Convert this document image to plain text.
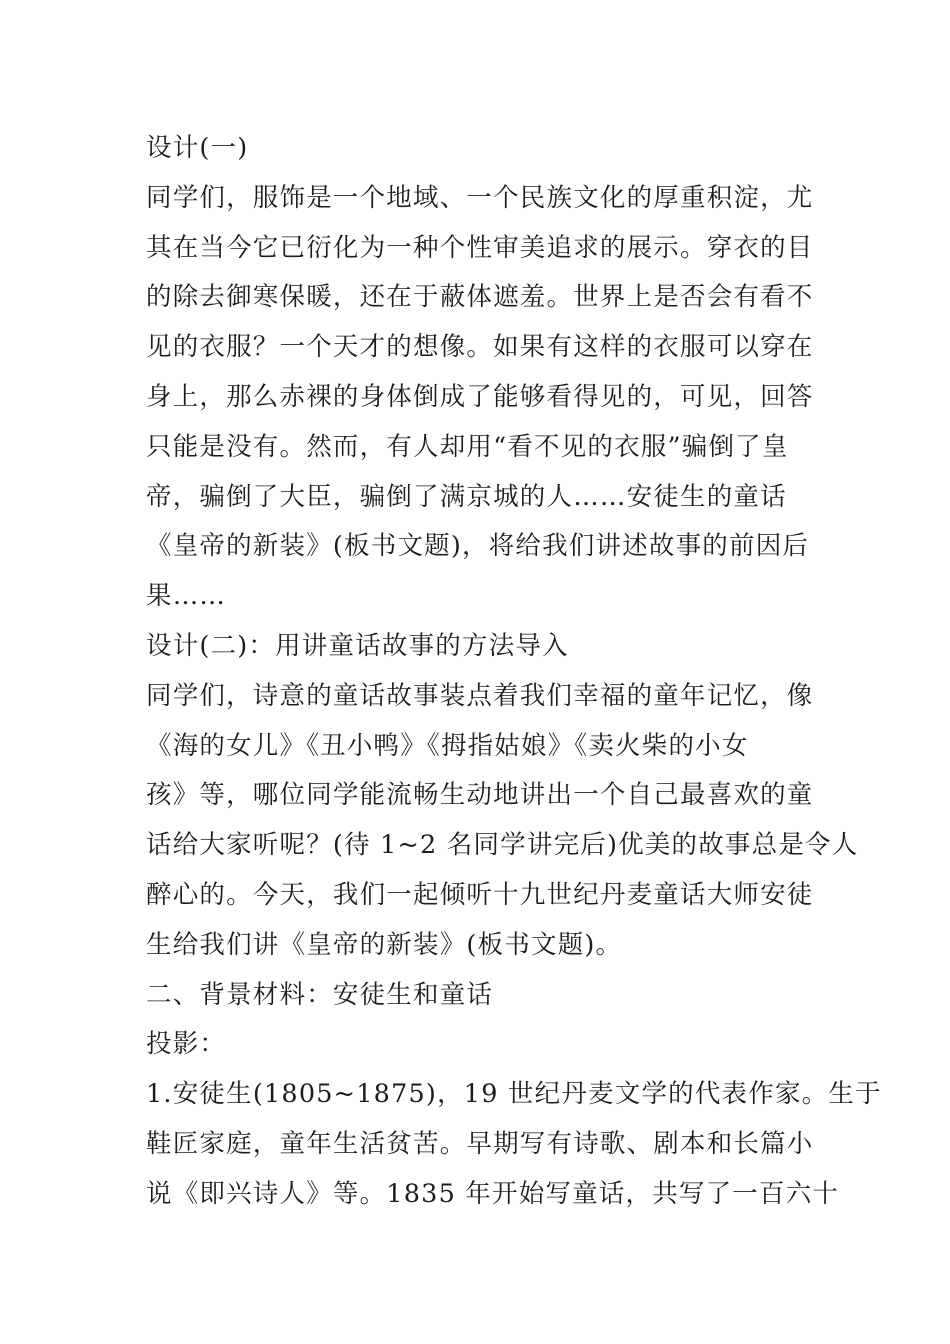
设计(一)
同学们，服饰是一个地域、一个民族文化的厚重积淀，尤
其在当今它已衍化为一种个性审美追求的展示。穿衣的目
的除去御寒保暖，还在于蔽体遮羞。世界上是否会有看不
见的衣服？一个天才的想像。如果有这样的衣服可以穿在
身上，那么赤裸的身体倒成了能够看得见的，可见，回答
只能是没有。然而，有人却用“看不见的衣服”骗倒了皇
帝，骗倒了大臣，骗倒了满京城的人……安徒生的童话
《皇帝的新装》(板书文题)，将给我们讲述故事的前因后
果……
设计(二)：用讲童话故事的方法导入
同学们，诗意的童话故事装点着我们幸福的童年记忆，像
《海的女儿》《丑小鸭》《拇指姑娘》《卖火柴的小女
孩》等，哪位同学能流畅生动地讲出一个自己最喜欢的童
话给大家听呢？(待 1~2 名同学讲完后)优美的故事总是令人
醉心的。今天，我们一起倾听十九世纪丹麦童话大师安徒
生给我们讲《皇帝的新装》(板书文题)。
二、背景材料：安徒生和童话
投影：
1.安徒生(1805~1875)，19 世纪丹麦文学的代表作家。生于
鞋匠家庭，童年生活贫苦。早期写有诗歌、剧本和长篇小
说《即兴诗人》等。1835 年开始写童话，共写了一百六十
